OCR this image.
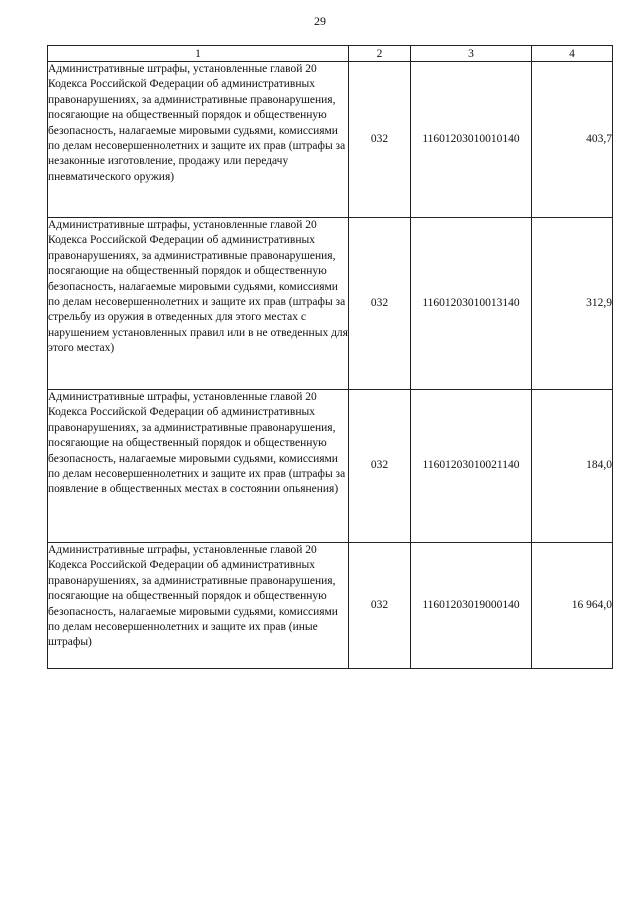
29
1	2	3	4
Административные штрафы, установленные главой 20 Кодекса Российской Федерации об административных правонарушениях, за административные правонарушения, посягающие на общественный порядок и общественную безопасность, налагаемые мировыми судьями, комиссиями по делам несовершеннолетних и защите их прав (штрафы за незаконные изготовление, продажу или передачу пневматического оружия)	032	11601203010010140	403,7
Административные штрафы, установленные главой 20 Кодекса Российской Федерации об административных правонарушениях, за административные правонарушения, посягающие на общественный порядок и общественную безопасность, налагаемые мировыми судьями, комиссиями по делам несовершеннолетних и защите их прав (штрафы за стрельбу из оружия в отведенных для этого местах с нарушением установленных правил или в не отведенных для этого местах)	032	11601203010013140	312,9
Административные штрафы, установленные главой 20 Кодекса Российской Федерации об административных правонарушениях, за административные правонарушения, посягающие на общественный порядок и общественную безопасность, налагаемые мировыми судьями, комиссиями по делам несовершеннолетних и защите их прав (штрафы за появление в общественных местах в состоянии опьянения)	032	11601203010021140	184,0
Административные штрафы, установленные главой 20 Кодекса Российской Федерации об административных правонарушениях, за административные правонарушения, посягающие на общественный порядок и общественную безопасность, налагаемые мировыми судьями, комиссиями по делам несовершеннолетних и защите их прав (иные штрафы)	032	11601203019000140	16 964,0
